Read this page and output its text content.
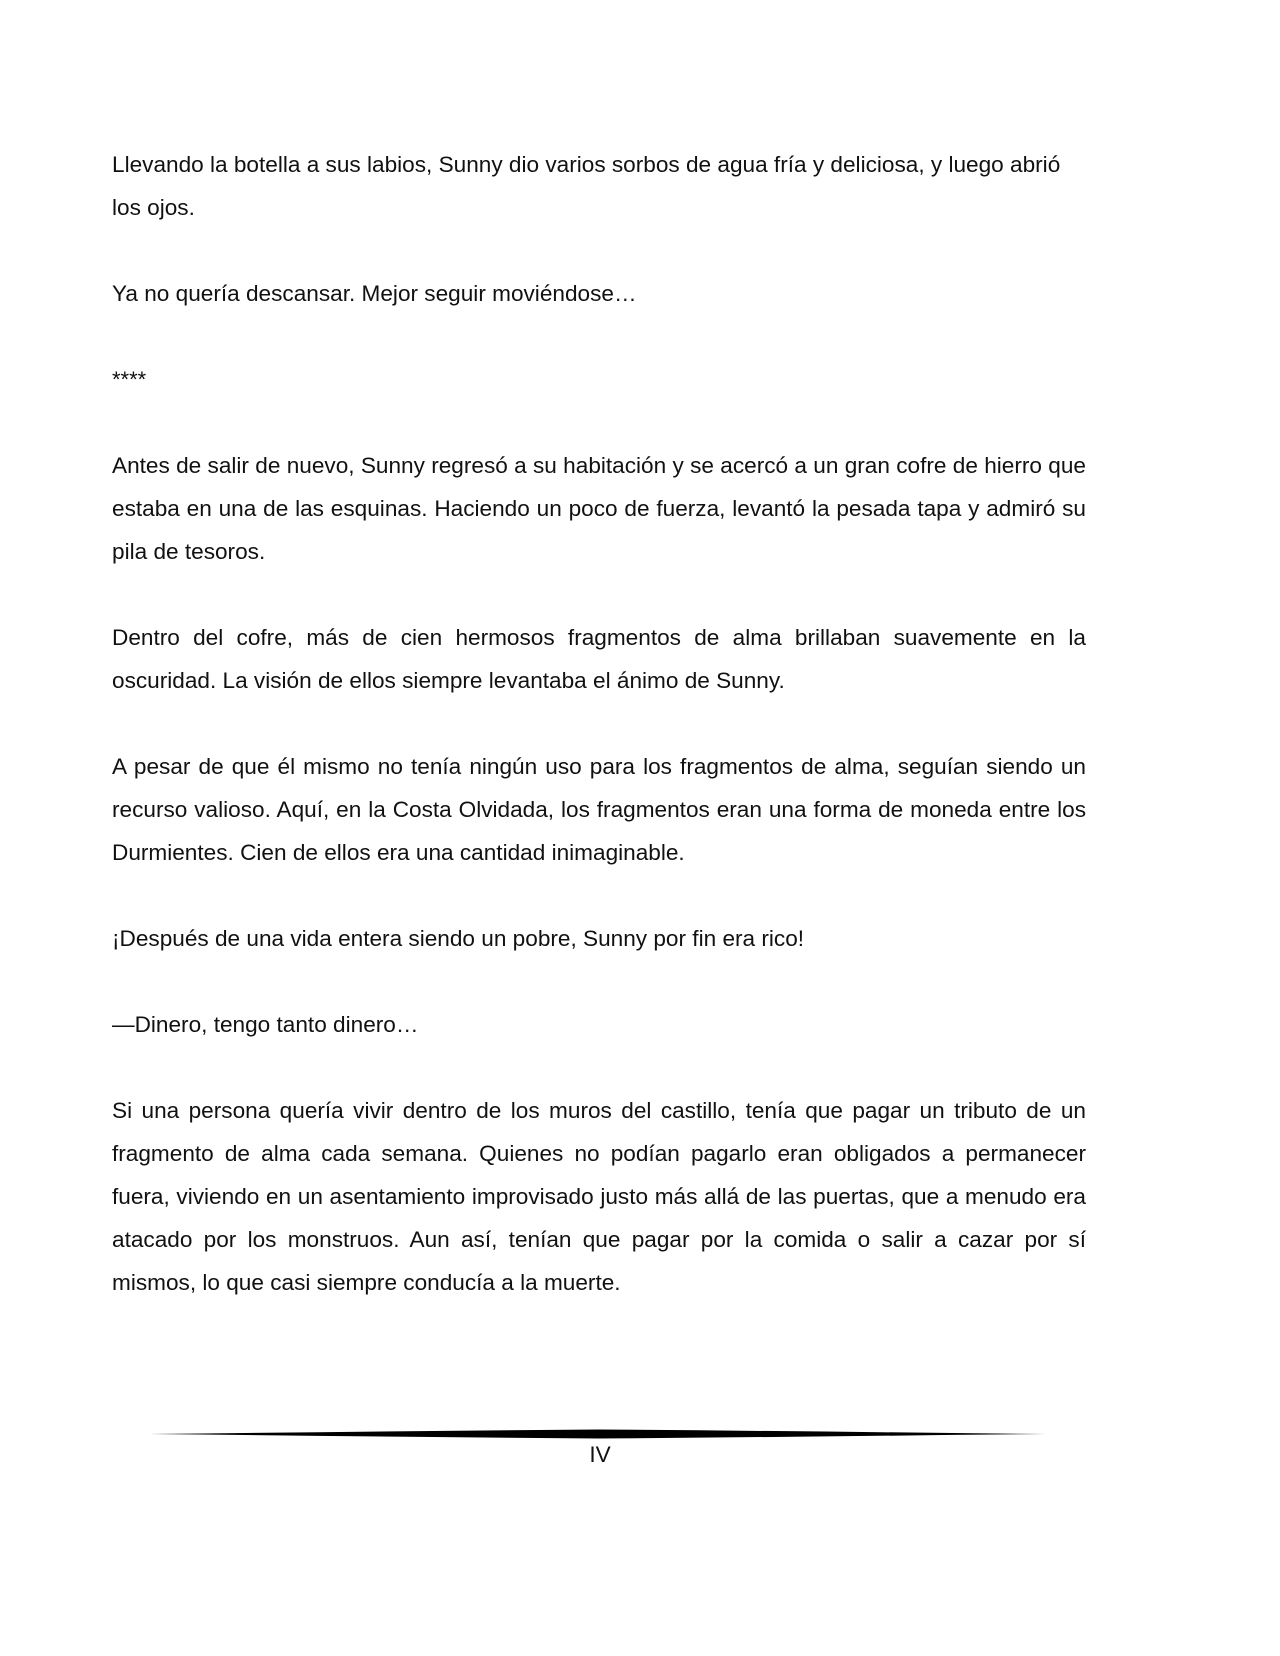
Llevando la botella a sus labios, Sunny dio varios sorbos de agua fría y deliciosa, y luego abrió los ojos.

Ya no quería descansar. Mejor seguir moviéndose…

****

Antes de salir de nuevo, Sunny regresó a su habitación y se acercó a un gran cofre de hierro que estaba en una de las esquinas. Haciendo un poco de fuerza, levantó la pesada tapa y admiró su pila de tesoros.

Dentro del cofre, más de cien hermosos fragmentos de alma brillaban suavemente en la oscuridad. La visión de ellos siempre levantaba el ánimo de Sunny.

A pesar de que él mismo no tenía ningún uso para los fragmentos de alma, seguían siendo un recurso valioso. Aquí, en la Costa Olvidada, los fragmentos eran una forma de moneda entre los Durmientes. Cien de ellos era una cantidad inimaginable.

¡Después de una vida entera siendo un pobre, Sunny por fin era rico!

—Dinero, tengo tanto dinero…

Si una persona quería vivir dentro de los muros del castillo, tenía que pagar un tributo de un fragmento de alma cada semana. Quienes no podían pagarlo eran obligados a permanecer fuera, viviendo en un asentamiento improvisado justo más allá de las puertas, que a menudo era atacado por los monstruos. Aun así, tenían que pagar por la comida o salir a cazar por sí mismos, lo que casi siempre conducía a la muerte.

IV
